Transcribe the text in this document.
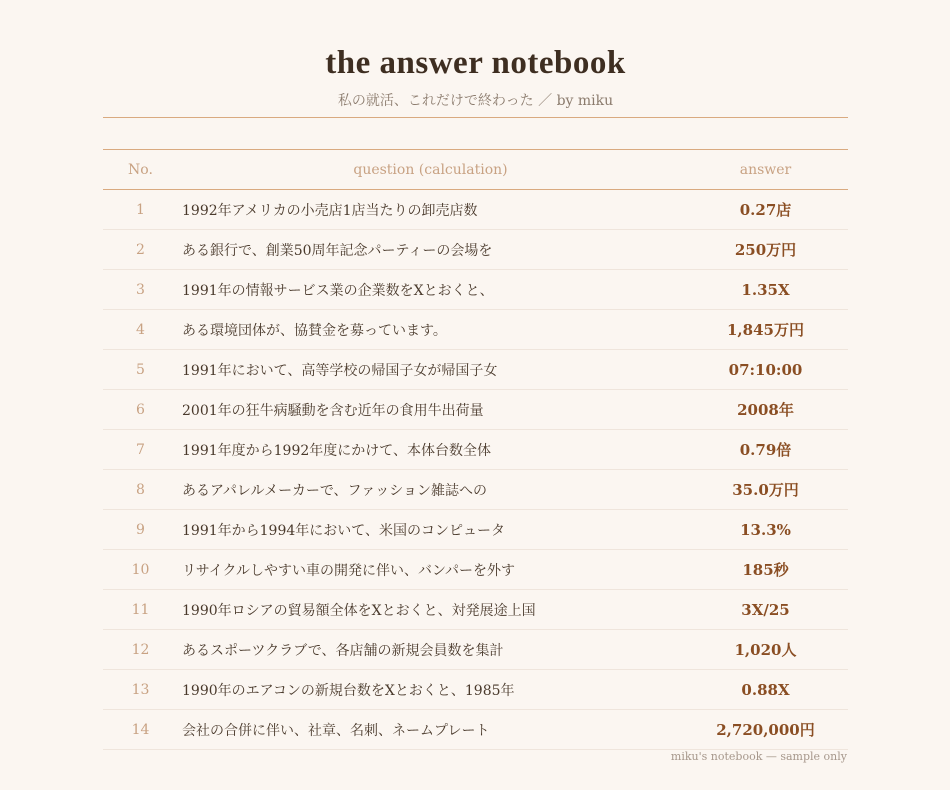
the answer notebook
私の就活、これだけで終わった ／ by miku
No.	question (calculation)	answer
1	1992年アメリカの小売店1店当たりの卸売店数	0.27店
2	ある銀行で、創業50周年記念パーティーの会場を	250万円
3	1991年の情報サービス業の企業数をXとおくと、	1.35X
4	ある環境団体が、協賛金を募っています。	1,845万円
5	1991年において、高等学校の帰国子女が帰国子女	07:10:00
6	2001年の狂牛病騒動を含む近年の食用牛出荷量	2008年
7	1991年度から1992年度にかけて、本体台数全体	0.79倍
8	あるアパレルメーカーで、ファッション雑誌への	35.0万円
9	1991年から1994年において、米国のコンピュータ	13.3%
10	リサイクルしやすい車の開発に伴い、バンパーを外す	185秒
11	1990年ロシアの貿易額全体をXとおくと、対発展途上国	3X/25
12	あるスポーツクラブで、各店舗の新規会員数を集計	1,020人
13	1990年のエアコンの新規台数をXとおくと、1985年	0.88X
14	会社の合併に伴い、社章、名刺、ネームプレート	2,720,000円
miku's notebook — sample only
